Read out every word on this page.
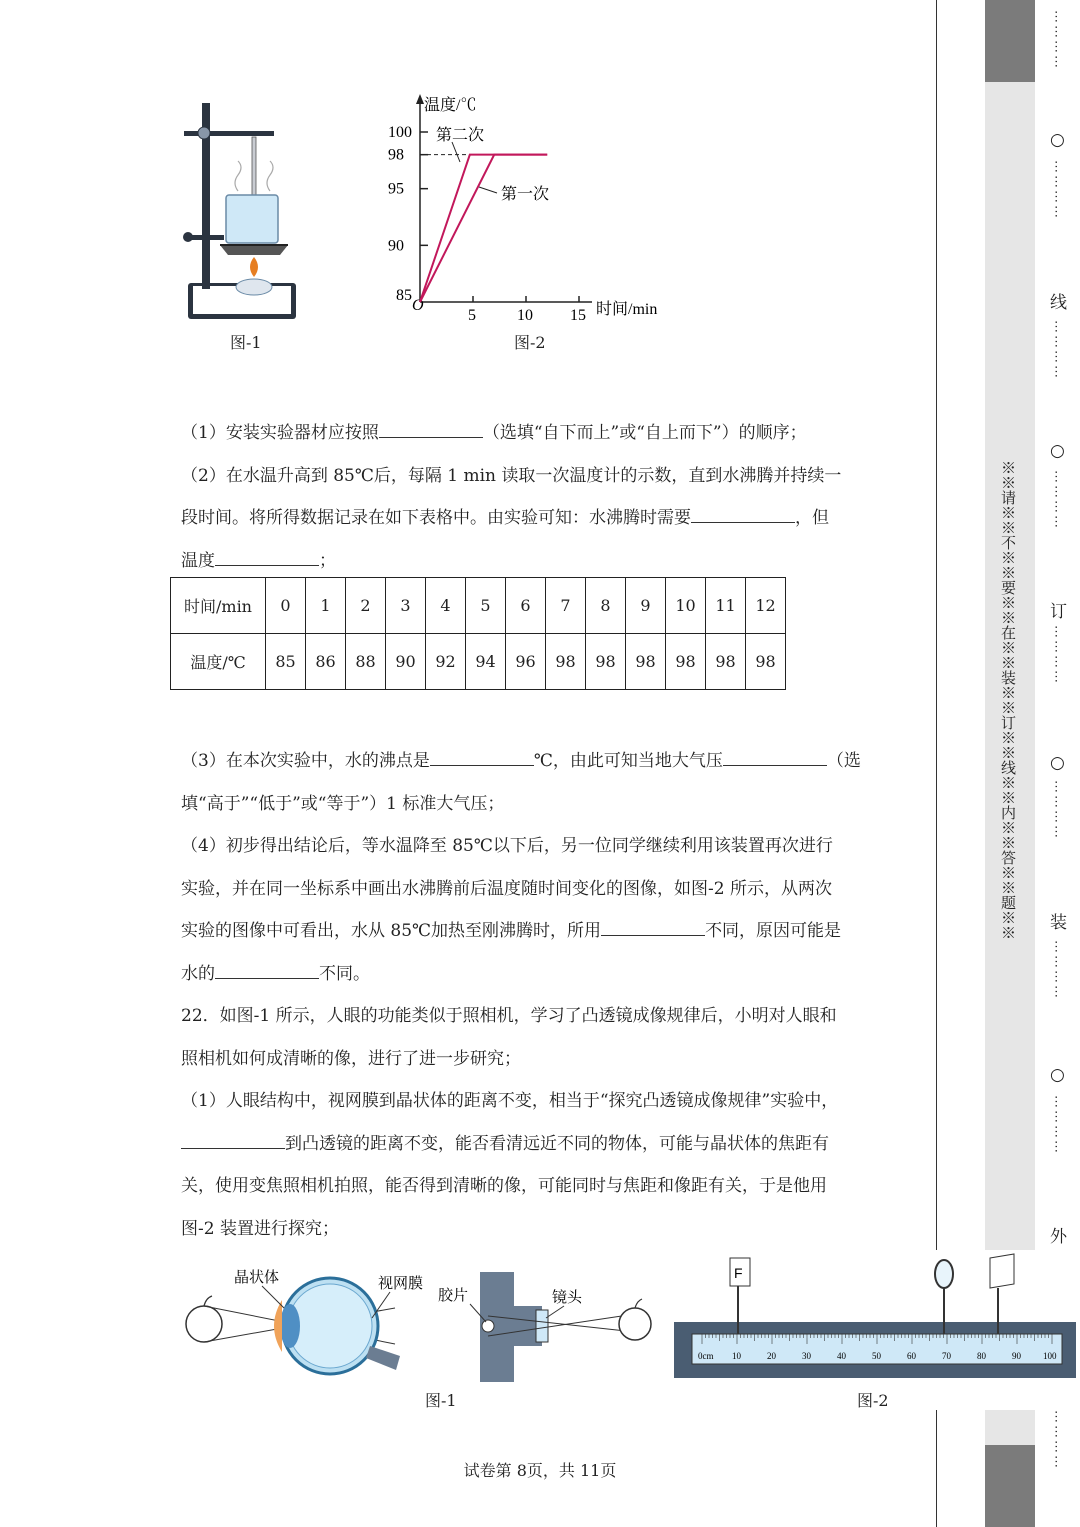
图-1
温度/℃
时间/min
O
85
90
95
98
100
5	10 15
第二次
第一次
图-2
（1）安装实验器材应按照	（选填“自下而上”或“自上而下”）的顺序；
（2）在水温升高到 85℃后，每隔 1 min 读取一次温度计的示数，直到水沸腾并持续一
段时间。将所得数据记录在如下表格中。由实验可知：水沸腾时需要	，但
温度	；
时间/min	0	1	2	3	4	5	6	7	8	9	10	11	12
温度/℃	85	86	88	90	92	94	96	98	98	98	98	98	98
（3）在本次实验中，水的沸点是	℃，由此可知当地大气压	（选
填“高于”“低于”或“等于”）1 标准大气压；
（4）初步得出结论后，等水温降至 85℃以下后，另一位同学继续利用该装置再次进行
实验，并在同一坐标系中画出水沸腾前后温度随时间变化的图像，如图-2 所示，从两次
实验的图像中可看出，水从 85℃加热至刚沸腾时，所用	不同，原因可能是
水的	不同。
22．如图-1 所示，人眼的功能类似于照相机，学习了凸透镜成像规律后，小明对人眼和
照相机如何成清晰的像，进行了进一步研究；
（1）人眼结构中，视网膜到晶状体的距离不变，相当于“探究凸透镜成像规律”实验中，
到凸透镜的距离不变，能否看清远近不同的物体，可能与晶状体的焦距有
关，使用变焦照相机拍照，能否得到清晰的像，可能同时与焦距和像距有关，于是他用
图-2 装置进行探究；
晶状体	视网膜
胶片	镜头
图-1
0cm 10	20	30	40	50	60	70	80	90 100
F
图-2
※※请※※不※※要※※在※※装※※订※※线※※内※※答※※题※※
⋯⋯⋯⋯
○
⋯⋯⋯⋯
线
⋯⋯⋯⋯
○
⋯⋯⋯⋯
订
⋯⋯⋯⋯
○
⋯⋯⋯⋯
装
⋯⋯⋯⋯
○
⋯⋯⋯⋯
外
⋯⋯⋯⋯
试卷第 8页，共 11页
